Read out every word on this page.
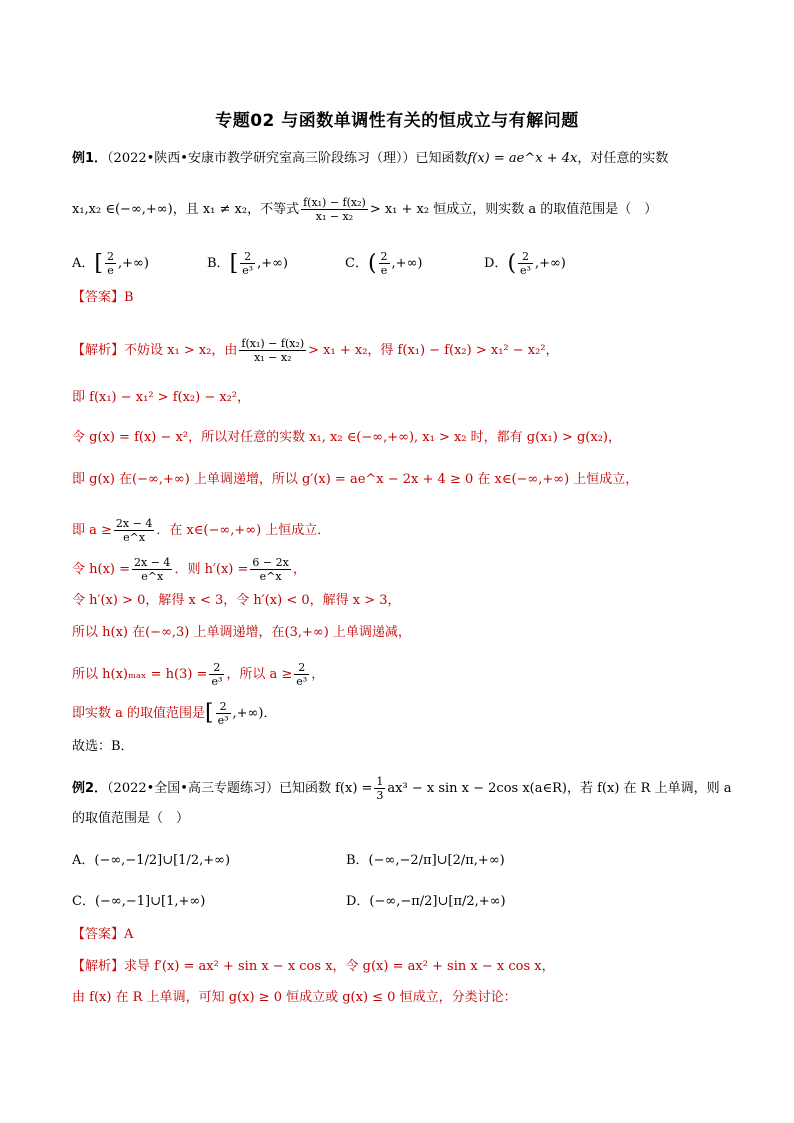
专题02 与函数单调性有关的恒成立与有解问题
例1．（2022•陕西•安康市教学研究室高三阶段练习（理））已知函数f(x) = ae^x + 4x，对任意的实数
x₁,x₂ ∈(−∞,+∞)，且 x₁ ≠ x₂，不等式 $\frac{\text{f(x₁) − f(x₂)}}{\text{x₁ − x₂}} > x_1 + x_2$ 恒成立，则实数 a 的取值范围是（　）
A．[ $\frac{2}{e}$ ,+∞)	B．[ $\frac{2}{\text{e³}}$ ,+∞)	C．( $\frac{2}{e}$ ,+∞)	D．( $\frac{2}{\text{e³}}$ ,+∞)
【答案】B
【解析】不妨设 x₁ > x₂，由 $\frac{\text{f(x₁) − f(x₂)}}{\text{x₁ − x₂}} > x_1 + x_2$，得 f(x₁) − f(x₂) > x₁² − x₂²，
即 f(x₁) − x₁² > f(x₂) − x₂²，
令 g(x) = f(x) − x²，所以对任意的实数 x₁, x₂ ∈(−∞,+∞), x₁ > x₂ 时，都有 g(x₁) > g(x₂)，
即 g(x) 在(−∞,+∞) 上单调递增，所以 g′(x) = ae^x − 2x + 4 ≥ 0 在 x∈(−∞,+∞) 上恒成立，
即 $a \ge \frac{2x - 4}{e\^{}x}$ ．在 x∈(−∞,+∞) 上恒成立．
令 $h(x) = \frac{2x - 4}{e\^{}x}$ ．则 $h'(x) = \frac{6 - 2x}{e\^{}x}$ ，
令 h′(x) > 0，解得 x < 3，令 h′(x) < 0，解得 x > 3，
所以 h(x) 在(−∞,3) 上单调递增，在(3,+∞) 上单调递减，
所以 $h(x)_{max} = h(3) = \frac{2}{\text{e³}}$ ，所以 $a \ge \frac{2}{\text{e³}}$ ，
即实数 a 的取值范围是[ $\frac{2}{\text{e³}}$ ,+∞)．
故选：B．
例2．（2022•全国•高三专题练习）已知函数 $f(x) = \frac{1}{3} ax^3 - x$ sin x − 2cos x(a∈R)，若 f(x) 在 R 上单调，则 a
的取值范围是（　）
A．(−∞,−1/2]∪[1/2,+∞)	B．(−∞,−2/π]∪[2/π,+∞)
C．(−∞,−1]∪[1,+∞)	D．(−∞,−π/2]∪[π/2,+∞)
【答案】A
【解析】求导 f′(x) = ax² + sin x − x cos x，令 g(x) = ax² + sin x − x cos x，
由 f(x) 在 R 上单调，可知 g(x) ≥ 0 恒成立或 g(x) ≤ 0 恒成立，分类讨论：
